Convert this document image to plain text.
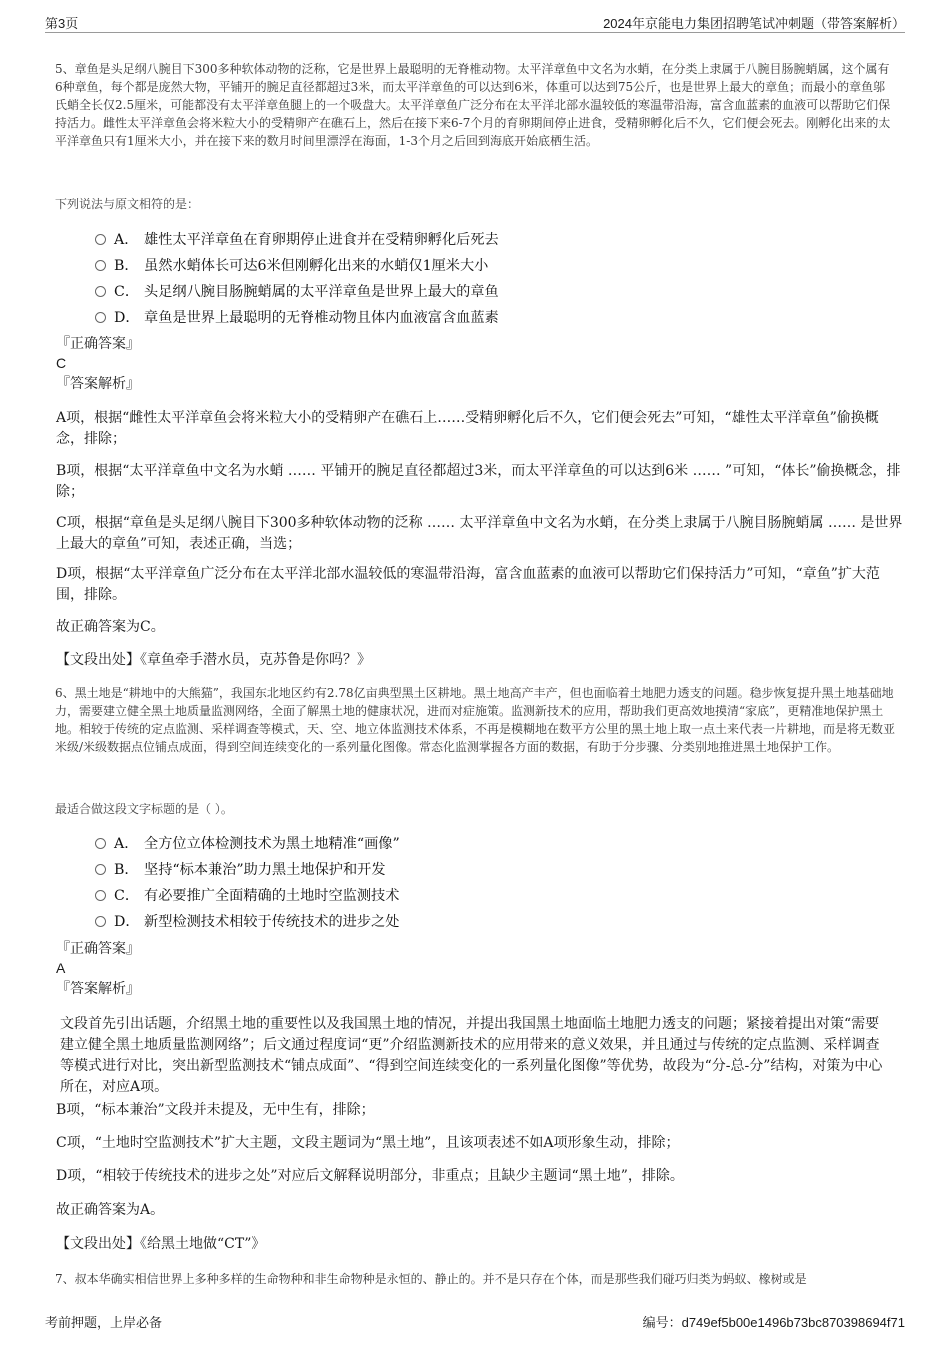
第3页	2024年京能电力集团招聘笔试冲刺题（带答案解析）
5、章鱼是头足纲八腕目下300多种软体动物的泛称，它是世界上最聪明的无脊椎动物。太平洋章鱼中文名为水蛸，在分类上隶属于八腕目肠腕蛸属，这个属有6种章鱼，每个都是庞然大物，平铺开的腕足直径都超过3米，而太平洋章鱼的可以达到6米，体重可以达到75公斤，也是世界上最大的章鱼；而最小的章鱼邬氏蛸全长仅2.5厘米，可能都没有太平洋章鱼腿上的一个吸盘大。太平洋章鱼广泛分布在太平洋北部水温较低的寒温带沿海，富含血蓝素的血液可以帮助它们保持活力。雌性太平洋章鱼会将米粒大小的受精卵产在礁石上，然后在接下来6-7个月的育卵期间停止进食，受精卵孵化后不久，它们便会死去。刚孵化出来的太平洋章鱼只有1厘米大小，并在接下来的数月时间里漂浮在海面，1-3个月之后回到海底开始底栖生活。
下列说法与原文相符的是：
A． 雄性太平洋章鱼在育卵期停止进食并在受精卵孵化后死去
B． 虽然水蛸体长可达6米但刚孵化出来的水蛸仅1厘米大小
C． 头足纲八腕目肠腕蛸属的太平洋章鱼是世界上最大的章鱼
D． 章鱼是世界上最聪明的无脊椎动物且体内血液富含血蓝素
『正确答案』
C
『答案解析』
A项，根据“雌性太平洋章鱼会将米粒大小的受精卵产在礁石上……受精卵孵化后不久，它们便会死去”可知，“雄性太平洋章鱼”偷换概念，排除；
B项，根据“太平洋章鱼中文名为水蛸 …… 平铺开的腕足直径都超过3米，而太平洋章鱼的可以达到6米 …… ”可知，“体长”偷换概念，排除；
C项，根据“章鱼是头足纲八腕目下300多种软体动物的泛称 …… 太平洋章鱼中文名为水蛸，在分类上隶属于八腕目肠腕蛸属 …… 是世界上最大的章鱼”可知，表述正确，当选；
D项，根据“太平洋章鱼广泛分布在太平洋北部水温较低的寒温带沿海，富含血蓝素的血液可以帮助它们保持活力”可知，“章鱼”扩大范围，排除。
故正确答案为C。
【文段出处】《章鱼牵手潜水员，克苏鲁是你吗？》
6、黑土地是“耕地中的大熊猫”，我国东北地区约有2.78亿亩典型黑土区耕地。黑土地高产丰产，但也面临着土地肥力透支的问题。稳步恢复提升黑土地基础地力，需要建立健全黑土地质量监测网络，全面了解黑土地的健康状况，进而对症施策。监测新技术的应用，帮助我们更高效地摸清“家底”，更精准地保护黑土地。相较于传统的定点监测、采样调查等模式，天、空、地立体监测技术体系，不再是模糊地在数平方公里的黑土地上取一点土来代表一片耕地，而是将无数亚米级/米级数据点位铺点成面，得到空间连续变化的一系列量化图像。常态化监测掌握各方面的数据，有助于分步骤、分类别地推进黑土地保护工作。
最适合做这段文字标题的是（ ）。
A． 全方位立体检测技术为黑土地精准“画像”
B． 坚持“标本兼治”助力黑土地保护和开发
C． 有必要推广全面精确的土地时空监测技术
D． 新型检测技术相较于传统技术的进步之处
『正确答案』
A
『答案解析』
文段首先引出话题，介绍黑土地的重要性以及我国黑土地的情况，并提出我国黑土地面临土地肥力透支的问题；紧接着提出对策“需要建立健全黑土地质量监测网络”；后文通过程度词“更”介绍监测新技术的应用带来的意义效果，并且通过与传统的定点监测、采样调查等模式进行对比，突出新型监测技术“铺点成面”、“得到空间连续变化的一系列量化图像”等优势，故段为“分-总-分”结构，对策为中心所在，对应A项。
B项，“标本兼治”文段并未提及，无中生有，排除；
C项，“土地时空监测技术”扩大主题，文段主题词为“黑土地”，且该项表述不如A项形象生动，排除；
D项，“相较于传统技术的进步之处”对应后文解释说明部分，非重点；且缺少主题词“黑土地”，排除。
故正确答案为A。
【文段出处】《给黑土地做“CT”》
7、叔本华确实相信世界上多种多样的生命物种和非生命物种是永恒的、静止的。并不是只存在个体，而是那些我们碰巧归类为蚂蚁、橡树或是
考前押题，上岸必备	编号：d749ef5b00e1496b73bc870398694f71
